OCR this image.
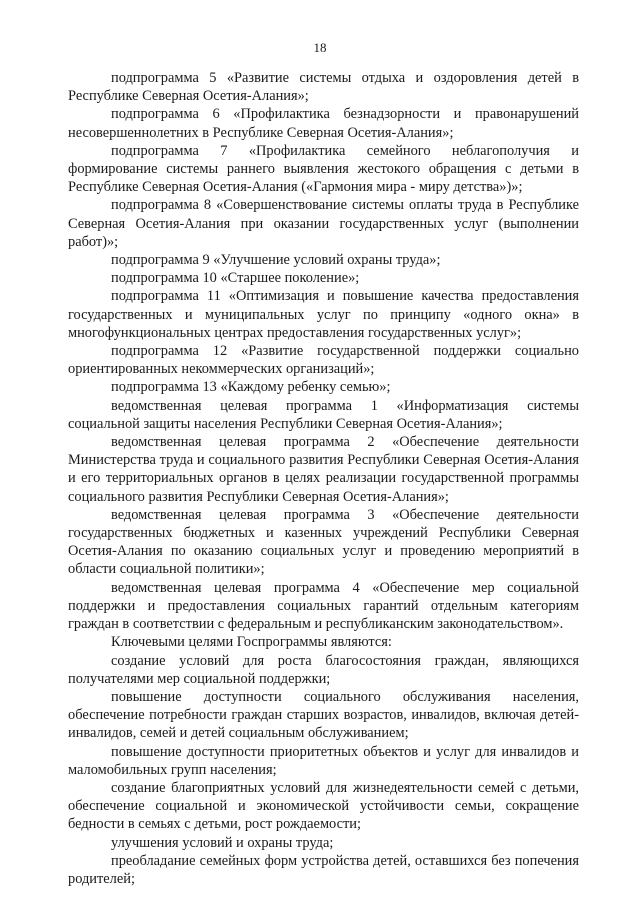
18

подпрограмма 5 «Развитие системы отдыха и оздоровления детей в Республике Северная Осетия-Алания»;

подпрограмма 6 «Профилактика безнадзорности и правонарушений несовершеннолетних в Республике Северная Осетия-Алания»;

подпрограмма 7 «Профилактика семейного неблагополучия и формирование системы раннего выявления жестокого обращения с детьми в Республике Северная Осетия-Алания («Гармония мира - миру детства»)»;

подпрограмма 8 «Совершенствование системы оплаты труда в Республике Северная Осетия-Алания при оказании государственных услуг (выполнении работ)»;

подпрограмма 9 «Улучшение условий охраны труда»;

подпрограмма 10 «Старшее поколение»;

подпрограмма 11 «Оптимизация и повышение качества предоставления государственных и муниципальных услуг по принципу «одного окна» в многофункциональных центрах предоставления государственных услуг»;

подпрограмма 12 «Развитие государственной поддержки социально ориентированных некоммерческих организаций»;

подпрограмма 13 «Каждому ребенку семью»;

ведомственная целевая программа 1 «Информатизация системы социальной защиты населения Республики Северная Осетия-Алания»;

ведомственная целевая программа 2 «Обеспечение деятельности Министерства труда и социального развития Республики Северная Осетия-Алания и его территориальных органов в целях реализации государственной программы социального развития Республики Северная Осетия-Алания»;

ведомственная целевая программа 3 «Обеспечение деятельности государственных бюджетных и казенных учреждений Республики Северная Осетия-Алания по оказанию социальных услуг и проведению мероприятий в области социальной политики»;

ведомственная целевая программа 4 «Обеспечение мер социальной поддержки и предоставления социальных гарантий отдельным категориям граждан в соответствии с федеральным и республиканским законодательством».

Ключевыми целями Госпрограммы являются:

создание условий для роста благосостояния граждан, являющихся получателями мер социальной поддержки;

повышение доступности социального обслуживания населения, обеспечение потребности граждан старших возрастов, инвалидов, включая детей-инвалидов, семей и детей социальным обслуживанием;

повышение доступности приоритетных объектов и услуг для инвалидов и маломобильных групп населения;

создание благоприятных условий для жизнедеятельности семей с детьми, обеспечение социальной и экономической устойчивости семьи, сокращение бедности в семьях с детьми, рост рождаемости;

улучшения условий и охраны труда;

преобладание семейных форм устройства детей, оставшихся без попечения родителей;
